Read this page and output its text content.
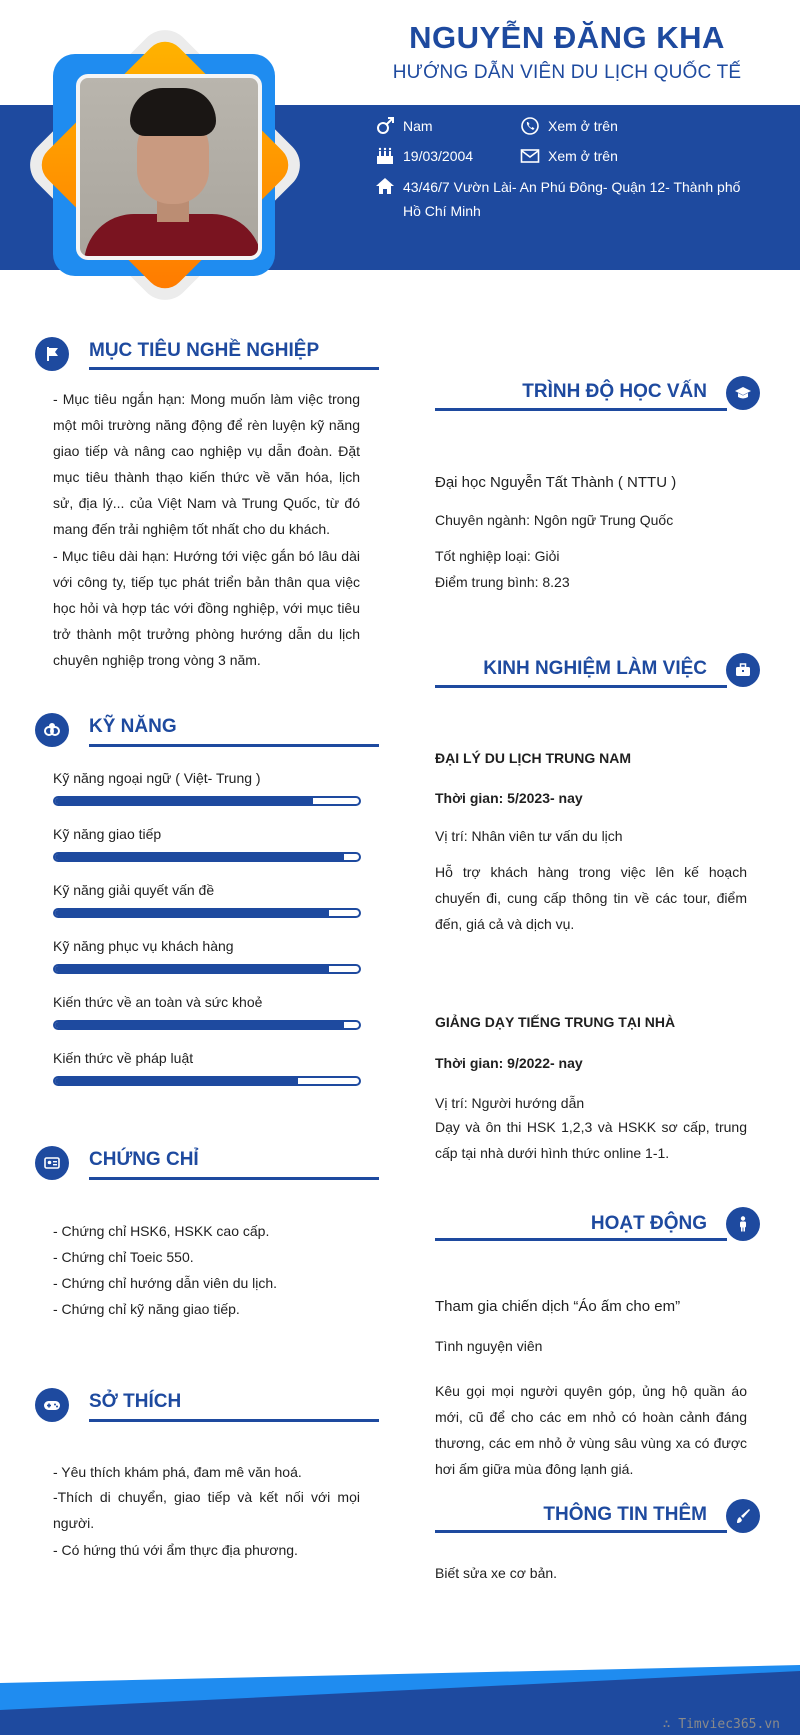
NGUYỄN ĐĂNG KHA
HƯỚNG DẪN VIÊN DU LỊCH QUỐC TẾ
Nam	Xem ở trên
19/03/2004	Xem ở trên
43/46/7 Vườn Lài- An Phú Đông- Quận 12- Thành phố Hồ Chí Minh
MỤC TIÊU NGHỀ NGHIỆP
- Mục tiêu ngắn hạn: Mong muốn làm việc trong một môi trường năng động để rèn luyện kỹ năng giao tiếp và nâng cao nghiệp vụ dẫn đoàn. Đặt mục tiêu thành thạo kiến thức về văn hóa, lịch sử, địa lý... của Việt Nam và Trung Quốc, từ đó mang đến trải nghiệm tốt nhất cho du khách.
- Mục tiêu dài hạn: Hướng tới việc gắn bó lâu dài với công ty, tiếp tục phát triển bản thân qua việc học hỏi và hợp tác với đồng nghiệp, với mục tiêu trở thành một trưởng phòng hướng dẫn du lịch chuyên nghiệp trong vòng 3 năm.
KỸ NĂNG
Kỹ năng ngoại ngữ ( Việt- Trung )
Kỹ năng giao tiếp
Kỹ năng giải quyết vấn đề
Kỹ năng phục vụ khách hàng
Kiến thức về an toàn và sức khoẻ
Kiến thức về pháp luật
CHỨNG CHỈ
- Chứng chỉ HSK6, HSKK cao cấp.
- Chứng chỉ Toeic 550.
- Chứng chỉ hướng dẫn viên du lịch.
- Chứng chỉ kỹ năng giao tiếp.
SỞ THÍCH
- Yêu thích khám phá, đam mê văn hoá.
-Thích di chuyển, giao tiếp và kết nối với mọi người.
- Có hứng thú với ẩm thực địa phương.
TRÌNH ĐỘ HỌC VẤN
Đại học Nguyễn Tất Thành ( NTTU )
Chuyên ngành: Ngôn ngữ Trung Quốc
Tốt nghiệp loại: Giỏi
Điểm trung bình: 8.23
KINH NGHIỆM LÀM VIỆC
ĐẠI LÝ DU LỊCH TRUNG NAM
Thời gian: 5/2023- nay
Vị trí: Nhân viên tư vấn du lịch
Hỗ trợ khách hàng trong việc lên kế hoạch chuyến đi, cung cấp thông tin về các tour, điểm đến, giá cả và dịch vụ.
GIẢNG DẠY TIẾNG TRUNG TẠI NHÀ
Thời gian: 9/2022- nay
Vị trí: Người hướng dẫn
Dạy và ôn thi HSK 1,2,3 và HSKK sơ cấp, trung cấp tại nhà dưới hình thức online 1-1.
HOẠT ĐỘNG
Tham gia chiến dịch “Áo ấm cho em”
Tình nguyện viên
Kêu gọi mọi người quyên góp, ủng hộ quần áo mới, cũ để cho các em nhỏ có hoàn cảnh đáng thương, các em nhỏ ở vùng sâu vùng xa có được hơi ấm giữa mùa đông lạnh giá.
THÔNG TIN THÊM
Biết sửa xe cơ bản.
∴ Timviec365.vn
